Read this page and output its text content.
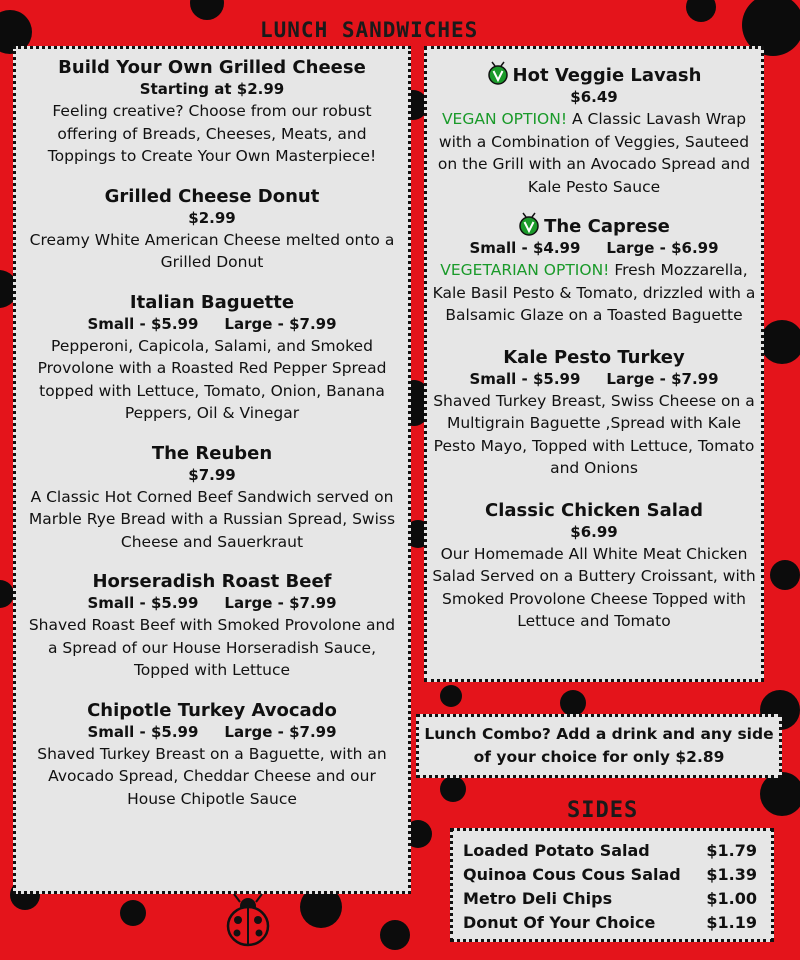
LUNCH SANDWICHES
Build Your Own Grilled Cheese
Starting at $2.99
Feeling creative? Choose from our robust
offering of Breads, Cheeses, Meats, and
Toppings to Create Your Own Masterpiece!
Grilled Cheese Donut
$2.99
Creamy White American Cheese melted onto a
Grilled Donut
Italian Baguette
Small - $5.99 Large - $7.99
Pepperoni, Capicola, Salami, and Smoked
Provolone with a Roasted Red Pepper Spread
topped with Lettuce, Tomato, Onion, Banana
Peppers, Oil & Vinegar
The Reuben
$7.99
A Classic Hot Corned Beef Sandwich served on
Marble Rye Bread with a Russian Spread, Swiss
Cheese and Sauerkraut
Horseradish Roast Beef
Small - $5.99 Large - $7.99
Shaved Roast Beef with Smoked Provolone and
a Spread of our House Horseradish Sauce,
Topped with Lettuce
Chipotle Turkey Avocado
Small - $5.99 Large - $7.99
Shaved Turkey Breast on a Baguette, with an
Avocado Spread, Cheddar Cheese and our
House Chipotle Sauce
Hot Veggie Lavash
$6.49
VEGAN OPTION! A Classic Lavash Wrap
with a Combination of Veggies, Sauteed
on the Grill with an Avocado Spread and
Kale Pesto Sauce
The Caprese
Small - $4.99 Large - $6.99
VEGETARIAN OPTION! Fresh Mozzarella,
Kale Basil Pesto & Tomato, drizzled with a
Balsamic Glaze on a Toasted Baguette
Kale Pesto Turkey
Small - $5.99 Large - $7.99
Shaved Turkey Breast, Swiss Cheese on a
Multigrain Baguette ,Spread with Kale
Pesto Mayo, Topped with Lettuce, Tomato
and Onions
Classic Chicken Salad
$6.99
Our Homemade All White Meat Chicken
Salad Served on a Buttery Croissant, with
Smoked Provolone Cheese Topped with
Lettuce and Tomato
Lunch Combo? Add a drink and any side
of your choice for only $2.89
SIDES
Loaded Potato Salad	$1.79
Quinoa Cous Cous Salad $1.39
Metro Deli Chips	$1.00
Donut Of Your Choice	$1.19
